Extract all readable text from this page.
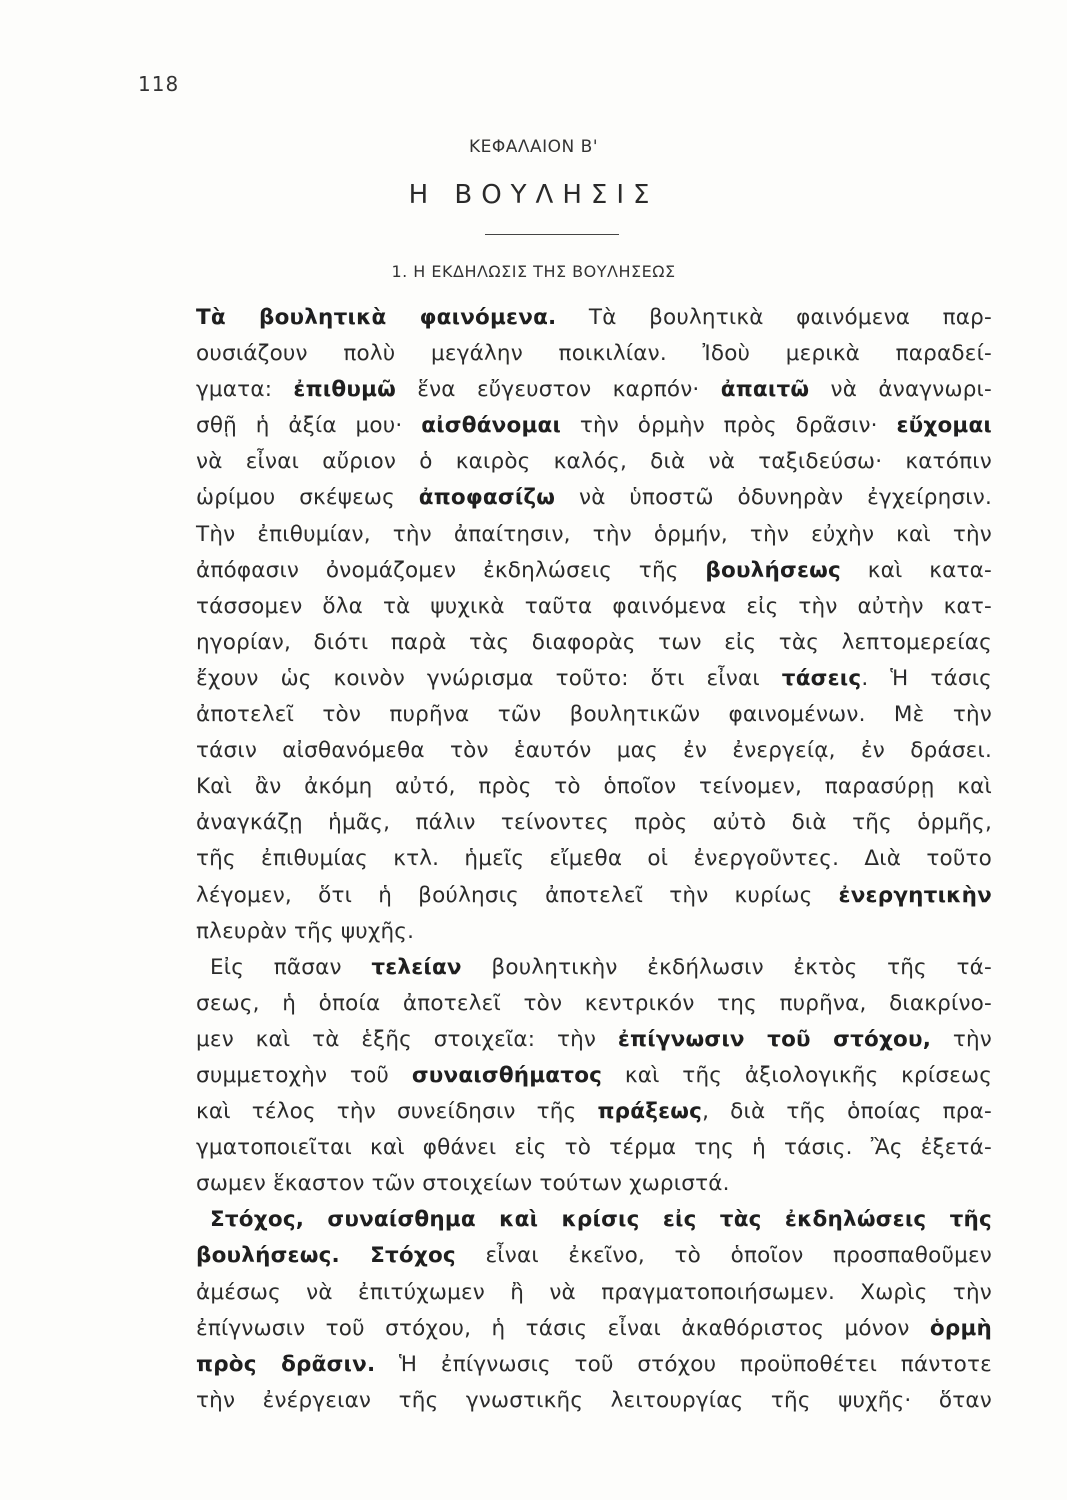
118
ΚΕΦΑΛΑΙΟΝ Β'
Η ΒΟΥΛΗΣΙΣ
1. Η ΕΚΔΗΛΩΣΙΣ ΤΗΣ ΒΟΥΛΗΣΕΩΣ
Τὰ βουλητικὰ φαινόμενα. Τὰ βουλητικὰ φαινόμενα παρ-
ουσιάζουν πολὺ μεγάλην ποικιλίαν. Ἰδοὺ μερικὰ παραδεί-
γματα: ἐπιθυμῶ ἕνα εὔγευστον καρπόν· ἀπαιτῶ νὰ ἀναγνωρι-
σθῇ ἡ ἀξία μου· αἰσθάνομαι τὴν ὁρμὴν πρὸς δρᾶσιν· εὔχομαι
νὰ εἶναι αὔριον ὁ καιρὸς καλός, διὰ νὰ ταξιδεύσω· κατόπιν
ὡρίμου σκέψεως ἀποφασίζω νὰ ὑποστῶ ὀδυνηρὰν ἐγχείρησιν.
Τὴν ἐπιθυμίαν, τὴν ἀπαίτησιν, τὴν ὁρμήν, τὴν εὐχὴν καὶ τὴν
ἀπόφασιν ὀνομάζομεν ἐκδηλώσεις τῆς βουλήσεως καὶ κατα-
τάσσομεν ὅλα τὰ ψυχικὰ ταῦτα φαινόμενα εἰς τὴν αὐτὴν κατ-
ηγορίαν, διότι παρὰ τὰς διαφορὰς των εἰς τὰς λεπτομερείας
ἔχουν ὡς κοινὸν γνώρισμα τοῦτο: ὅτι εἶναι τάσεις. Ἡ τάσις
ἀποτελεῖ τὸν πυρῆνα τῶν βουλητικῶν φαινομένων. Μὲ τὴν
τάσιν αἰσθανόμεθα τὸν ἑαυτόν μας ἐν ἐνεργείᾳ, ἐν δράσει.
Καὶ ἂν ἀκόμη αὐτό, πρὸς τὸ ὁποῖον τείνομεν, παρασύρῃ καὶ
ἀναγκάζῃ ἡμᾶς, πάλιν τείνοντες πρὸς αὐτὸ διὰ τῆς ὁρμῆς,
τῆς ἐπιθυμίας κτλ. ἡμεῖς εἴμεθα οἱ ἐνεργοῦντες. Διὰ τοῦτο
λέγομεν, ὅτι ἡ βούλησις ἀποτελεῖ τὴν κυρίως ἐνεργητικὴν
πλευρὰν τῆς ψυχῆς.
Εἰς πᾶσαν τελείαν βουλητικὴν ἐκδήλωσιν ἐκτὸς τῆς τά-
σεως, ἡ ὁποία ἀποτελεῖ τὸν κεντρικόν της πυρῆνα, διακρίνο-
μεν καὶ τὰ ἑξῆς στοιχεῖα: τὴν ἐπίγνωσιν τοῦ στόχου, τὴν
συμμετοχὴν τοῦ συναισθήματος καὶ τῆς ἀξιολογικῆς κρίσεως
καὶ τέλος τὴν συνείδησιν τῆς πράξεως, διὰ τῆς ὁποίας πρα-
γματοποιεῖται καὶ φθάνει εἰς τὸ τέρμα της ἡ τάσις. Ἂς ἐξετά-
σωμεν ἕκαστον τῶν στοιχείων τούτων χωριστά.
Στόχος, συναίσθημα καὶ κρίσις εἰς τὰς ἐκδηλώσεις τῆς
βουλήσεως. Στόχος εἶναι ἐκεῖνο, τὸ ὁποῖον προσπαθοῦμεν
ἀμέσως νὰ ἐπιτύχωμεν ἢ νὰ πραγματοποιήσωμεν. Χωρὶς τὴν
ἐπίγνωσιν τοῦ στόχου, ἡ τάσις εἶναι ἀκαθόριστος μόνον ὁρμὴ
πρὸς δρᾶσιν. Ἡ ἐπίγνωσις τοῦ στόχου προϋποθέτει πάντοτε
τὴν ἐνέργειαν τῆς γνωστικῆς λειτουργίας τῆς ψυχῆς· ὅταν
